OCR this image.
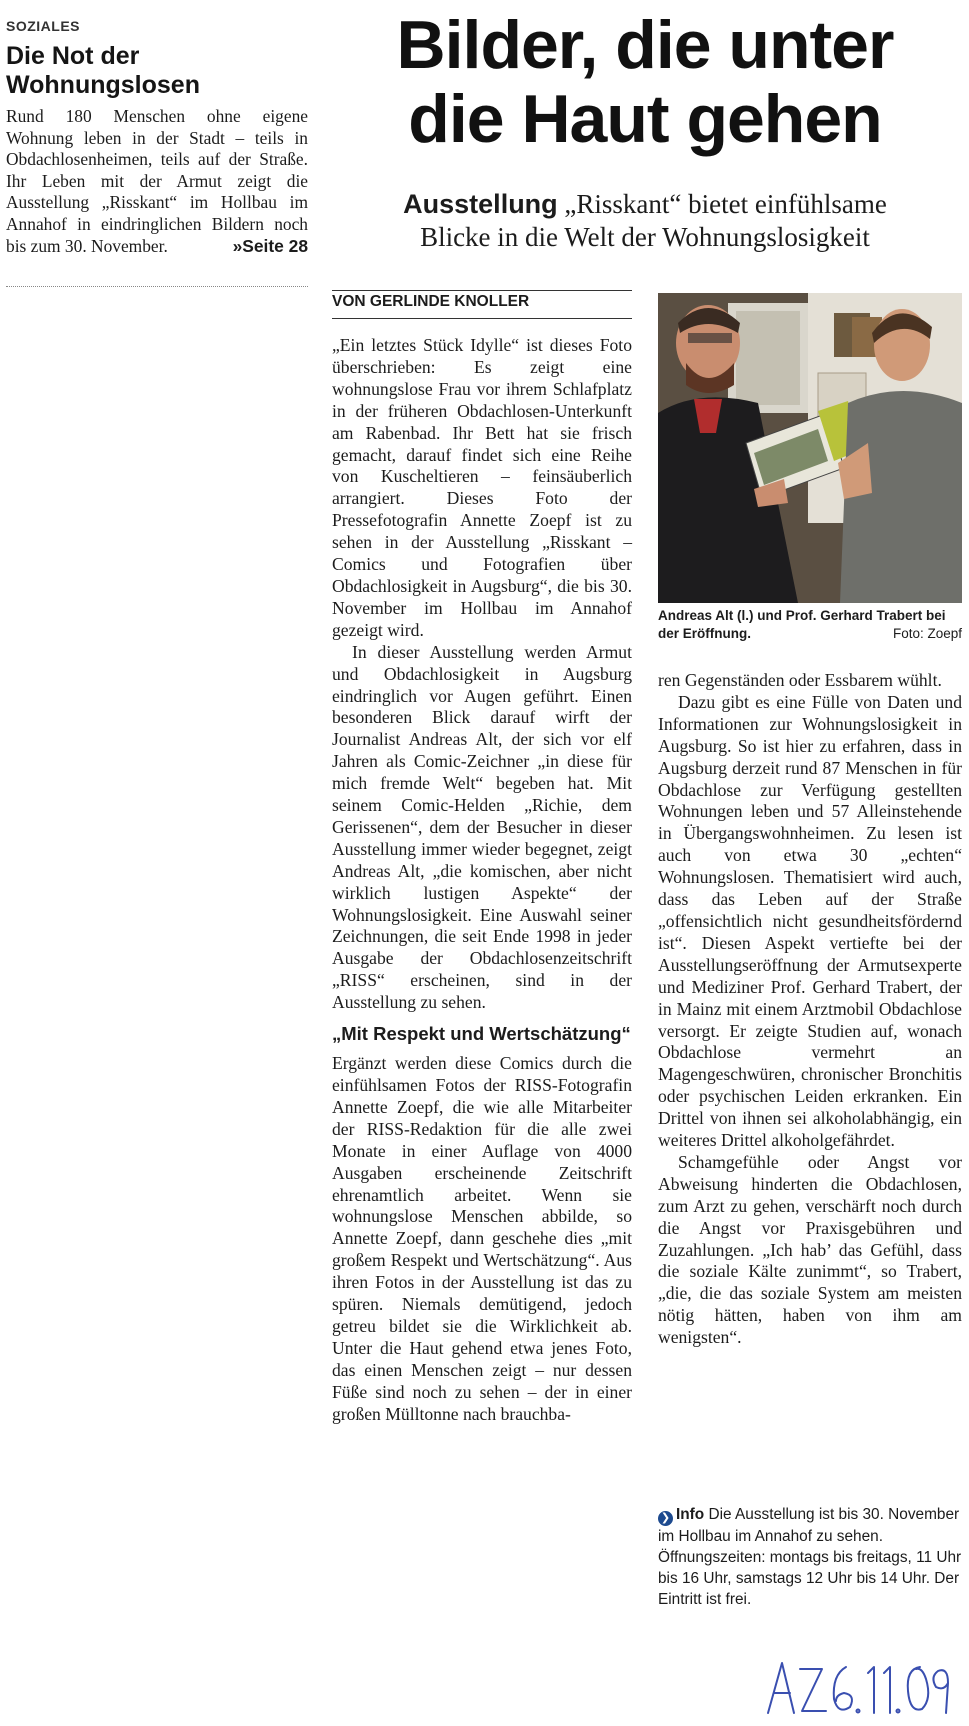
SOZIALES
Die Not der
Wohnungslosen

Rund 180 Menschen ohne eigene Wohnung leben in der Stadt – teils in Obdachlosenheimen, teils auf der Straße. Ihr Leben mit der Armut zeigt die Ausstellung „Risskant“ im Hollbau im Annahof in eindringlichen Bildern noch bis zum 30. November.	»Seite 28

Bilder, die unter
die Haut gehen
Ausstellung „Risskant“ bietet einfühlsame
Blicke in die Welt der Wohnungslosigkeit
VON GERLINDE KNOLLER

„Ein letztes Stück Idylle“ ist dieses Foto überschrieben: Es zeigt eine wohnungslose Frau vor ihrem Schlafplatz in der früheren Obdachlosen-Unterkunft am Rabenbad. Ihr Bett hat sie frisch gemacht, darauf findet sich eine Reihe von Kuscheltieren – feinsäuberlich arrangiert. Dieses Foto der Pressefotografin Annette Zoepf ist zu sehen in der Ausstellung „Risskant – Comics und Fotografien über Obdachlosigkeit in Augsburg“, die bis 30. November im Hollbau im Annahof gezeigt wird.

In dieser Ausstellung werden Armut und Obdachlosigkeit in Augsburg eindringlich vor Augen geführt. Einen besonderen Blick darauf wirft der Journalist Andreas Alt, der sich vor elf Jahren als Comic-Zeichner „in diese für mich fremde Welt“ begeben hat. Mit seinem Comic-Helden „Richie, dem Gerissenen“, dem der Besucher in dieser Ausstellung immer wieder begegnet, zeigt Andreas Alt, „die komischen, aber nicht wirklich lustigen Aspekte“ der Wohnungslosigkeit. Eine Auswahl seiner Zeichnungen, die seit Ende 1998 in jeder Ausgabe der Obdachlosenzeitschrift „RISS“ erscheinen, sind in der Ausstellung zu sehen.

„Mit Respekt und Wertschätzung“

Ergänzt werden diese Comics durch die einfühlsamen Fotos der RISS-Fotografin Annette Zoepf, die wie alle Mitarbeiter der RISS-Redaktion für die alle zwei Monate in einer Auflage von 4000 Ausgaben erscheinende Zeitschrift ehrenamtlich arbeitet. Wenn sie wohnungslose Menschen abbilde, so Annette Zoepf, dann geschehe dies „mit großem Respekt und Wertschätzung“. Aus ihren Fotos in der Ausstellung ist das zu spüren. Niemals demütigend, jedoch getreu bildet sie die Wirklichkeit ab. Unter die Haut gehend etwa jenes Foto, das einen Menschen zeigt – nur dessen Füße sind noch zu sehen – der in einer großen Mülltonne nach brauchba-

Andreas Alt (l.) und Prof. Gerhard Trabert bei der Eröffnung.	Foto: Zoepf

ren Gegenständen oder Essbarem wühlt.

Dazu gibt es eine Fülle von Daten und Informationen zur Wohnungslosigkeit in Augsburg. So ist hier zu erfahren, dass in Augsburg derzeit rund 87 Menschen in für Obdachlose zur Verfügung gestellten Wohnungen leben und 57 Alleinstehende in Übergangswohnheimen. Zu lesen ist auch von etwa 30 „echten“ Wohnungslosen. Thematisiert wird auch, dass das Leben auf der Straße „offensichtlich nicht gesundheitsfördernd ist“. Diesen Aspekt vertiefte bei der Ausstellungseröffnung der Armutsexperte und Mediziner Prof. Gerhard Trabert, der in Mainz mit einem Arztmobil Obdachlose versorgt. Er zeigte Studien auf, wonach Obdachlose vermehrt an Magengeschwüren, chronischer Bronchitis oder psychischen Leiden erkranken. Ein Drittel von ihnen sei alkoholabhängig, ein weiteres Drittel alkoholgefährdet.

Schamgefühle oder Angst vor Abweisung hinderten die Obdachlosen, zum Arzt zu gehen, verschärft noch durch die Angst vor Praxisgebühren und Zuzahlungen. „Ich hab’ das Gefühl, dass die soziale Kälte zunimmt“, so Trabert, „die, die das soziale System am meisten nötig hätten, haben von ihm am wenigsten“.

❯ Info Die Ausstellung ist bis 30. November im Hollbau im Annahof zu sehen. Öffnungszeiten: montags bis freitags, 11 Uhr bis 16 Uhr, samstags 12 Uhr bis 14 Uhr. Der Eintritt ist frei.
